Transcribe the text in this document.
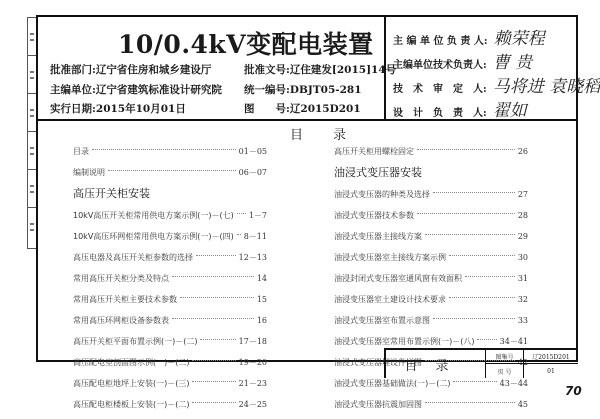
10/0.4kV变配电装置
批准部门:辽宁省住房和城乡建设厅
主编单位:辽宁省建筑标准设计研究院
实行日期:2015年10月01日
批准文号:辽住建发[2015]14号
统一编号:DBJT05-281
图　　号:辽2015D201
主 编 单 位 负 责 人: 赖荣程
主编单位技术负责人: 曹 贵
技　术　审　定　人: 马将进 袁晓稻
设　计　负　责　人: 翟如
目 录
目录	01－05
编制说明	06－07
高压开关柜安装
10kV高压开关柜常用供电方案示例(一)－(七) 1－7
10kV高压环网柜常用供电方案示例(一)－(四) 8－11
高压电器及高压开关柜参数的选择	12－13
常用高压开关柜分类及特点	14
常用高压开关柜主要技术参数	15
常用高压环网柜设备参数表	16
高压开关柜平面布置示例(一)－(二)	17－18
高压配电室剖面图示例(一)－(二)	19－20
高压配电柜地坪上安装(一)－(三)	21－23
高压配电柜楼板上安装(一)－(二)	24－25
高压开关柜用螺栓固定	26
油浸式变压器安装
油浸式变压器的种类及选择	27
油浸式变压器技术参数	28
油浸式变压器主接线方案	29
油浸式变压器室主接线方案示例	30
油浸封闭式变压器室通风窗有效面积	31
油浸变压器室土建设计技术要求	32
油浸式变压器室布置示意图	33
油浸式变压器室常用布置示例(一)－(八)	34－41
油浸式变压器埋设件详图	42
油浸式变压器基础做法(一)－(二)	43－44
油浸式变压器抗震加固图	45
目录
图集号	辽2015D201
页 号	01
70
